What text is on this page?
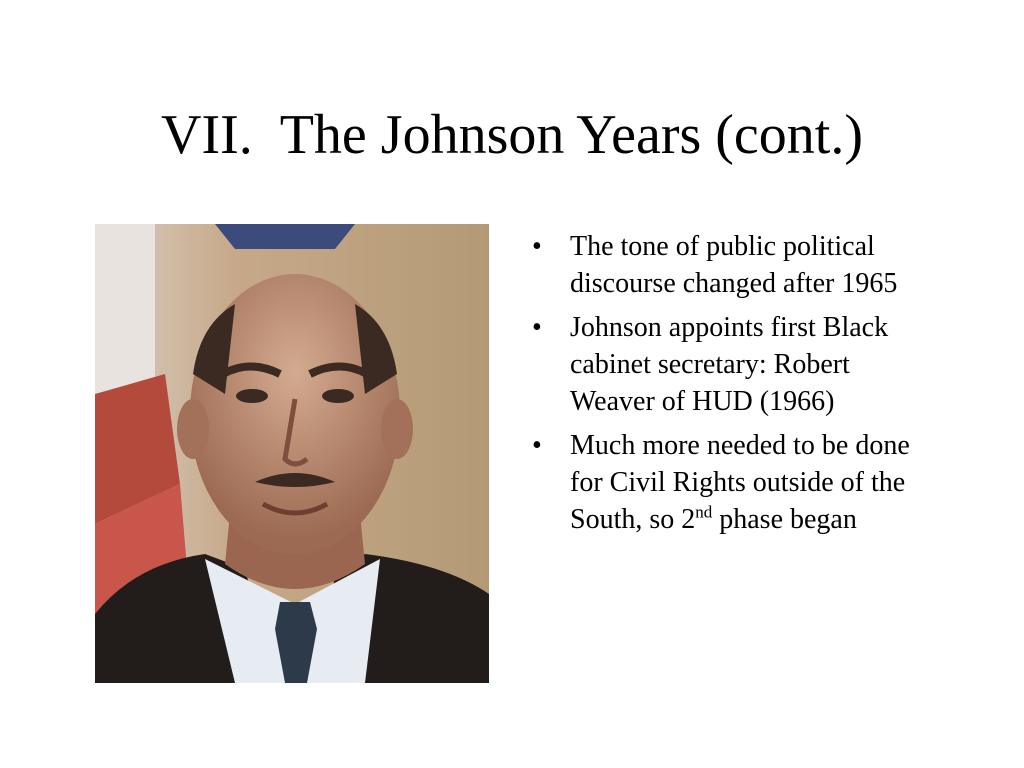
VII.  The Johnson Years (cont.)
• The tone of public political discourse changed after 1965
• Johnson appoints first Black cabinet secretary: Robert Weaver of HUD (1966)
• Much more needed to be done for Civil Rights outside of the South, so 2nd phase began
